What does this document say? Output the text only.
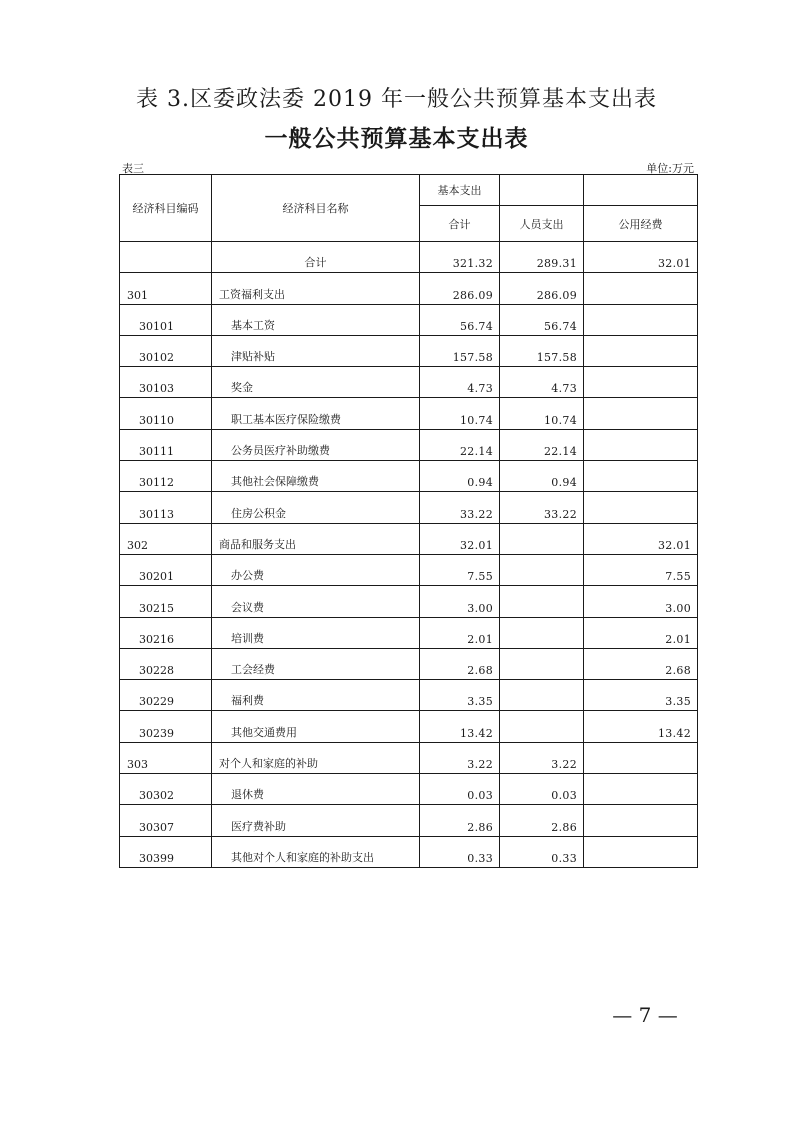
表 3.区委政法委 2019 年一般公共预算基本支出表
一般公共预算基本支出表
表三	单位:万元
经济科目编码	经济科目名称	基本支出		
		合计	人员支出	公用经费
	合计	321.32	289.31	32.01
301	工资福利支出	286.09	286.09	
30101	基本工资	56.74	56.74	
30102	津贴补贴	157.58	157.58	
30103	奖金	4.73	4.73	
30110	职工基本医疗保险缴费	10.74	10.74	
30111	公务员医疗补助缴费	22.14	22.14	
30112	其他社会保障缴费	0.94	0.94	
30113	住房公积金	33.22	33.22	
302	商品和服务支出	32.01		32.01
30201	办公费	7.55		7.55
30215	会议费	3.00		3.00
30216	培训费	2.01		2.01
30228	工会经费	2.68		2.68
30229	福利费	3.35		3.35
30239	其他交通费用	13.42		13.42
303	对个人和家庭的补助	3.22	3.22	
30302	退休费	0.03	0.03	
30307	医疗费补助	2.86	2.86	
30399	其他对个人和家庭的补助支出	0.33	0.33	
— 7 —
